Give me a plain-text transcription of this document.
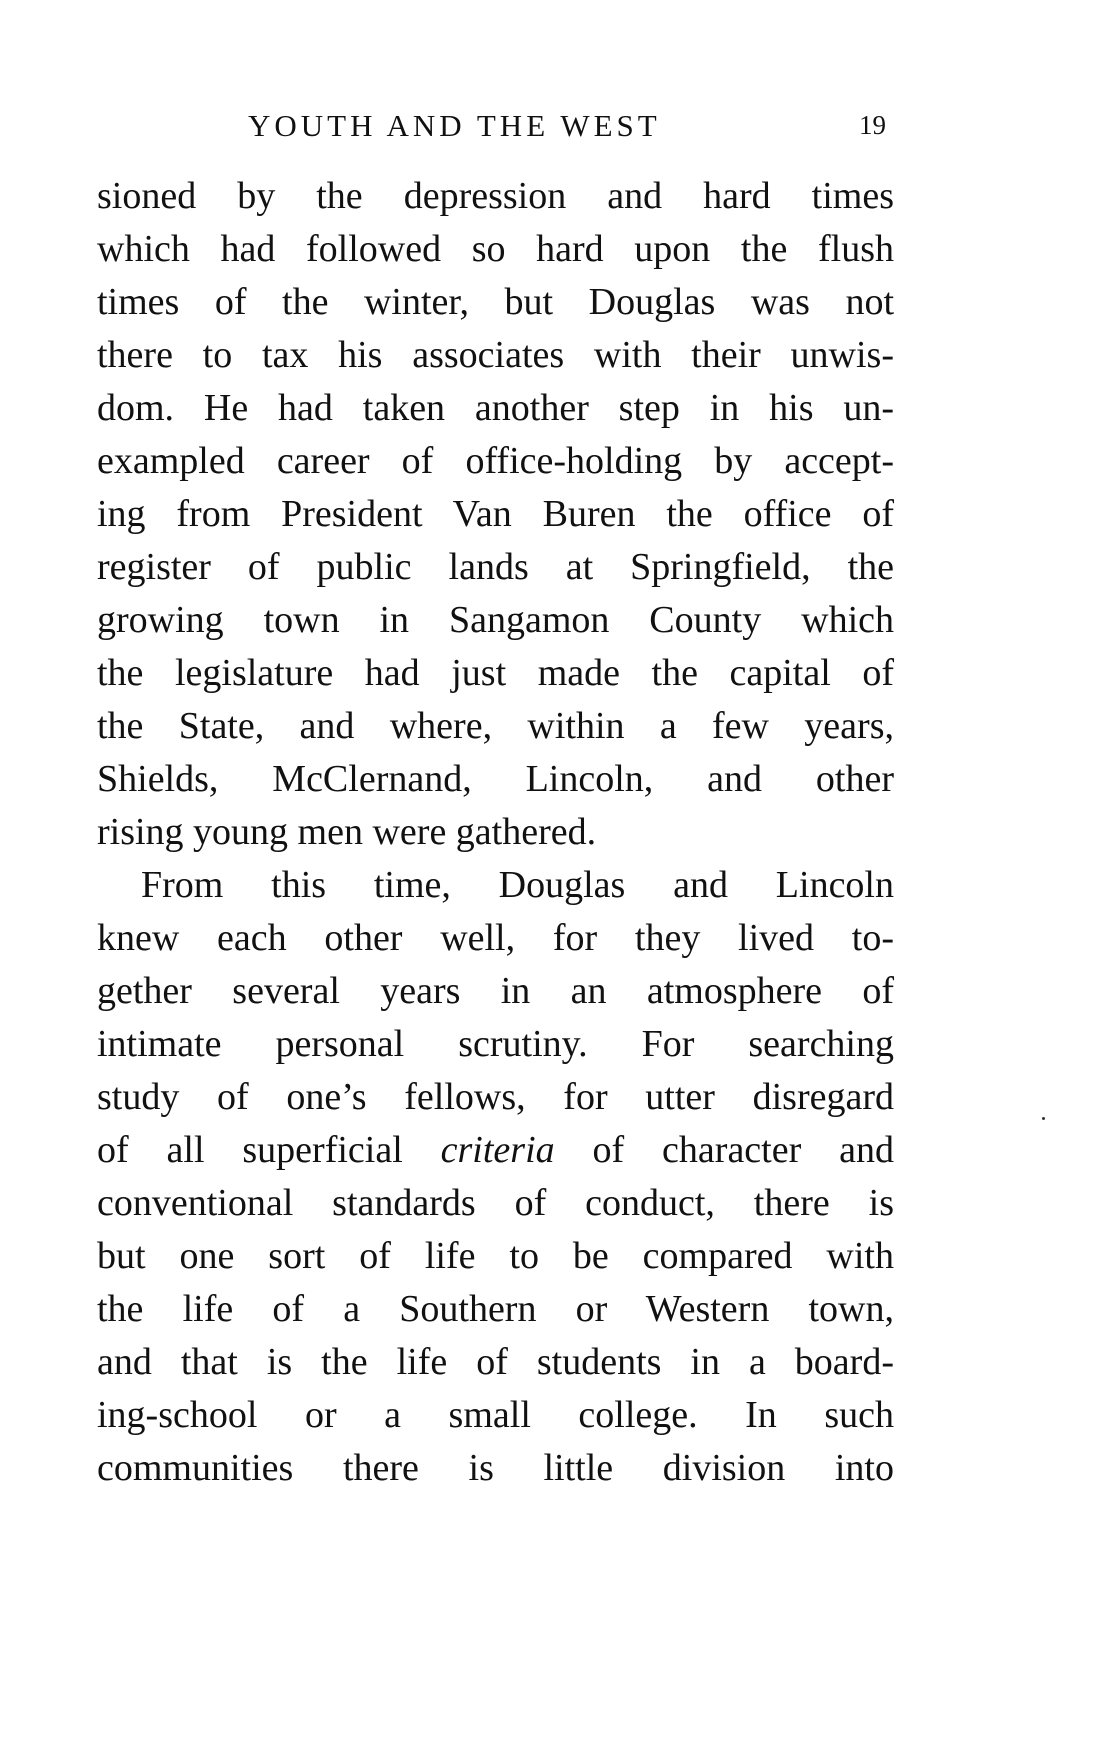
YOUTH AND THE WEST	19
sioned by the depression and hard times
which had followed so hard upon the flush
times of the winter, but Douglas was not
there to tax his associates with their unwis-
dom. He had taken another step in his un-
exampled career of office-holding by accept-
ing from President Van Buren the office of
register of public lands at Springfield, the
growing town in Sangamon County which
the legislature had just made the capital of
the State, and where, within a few years,
Shields, McClernand, Lincoln, and other
rising young men were gathered.
From this time, Douglas and Lincoln
knew each other well, for they lived to-
gether several years in an atmosphere of
intimate personal scrutiny. For searching
study of one’s fellows, for utter disregard
of all superficial criteria of character and
conventional standards of conduct, there is
but one sort of life to be compared with
the life of a Southern or Western town,
and that is the life of students in a board-
ing-school or a small college. In such
communities there is little division into
